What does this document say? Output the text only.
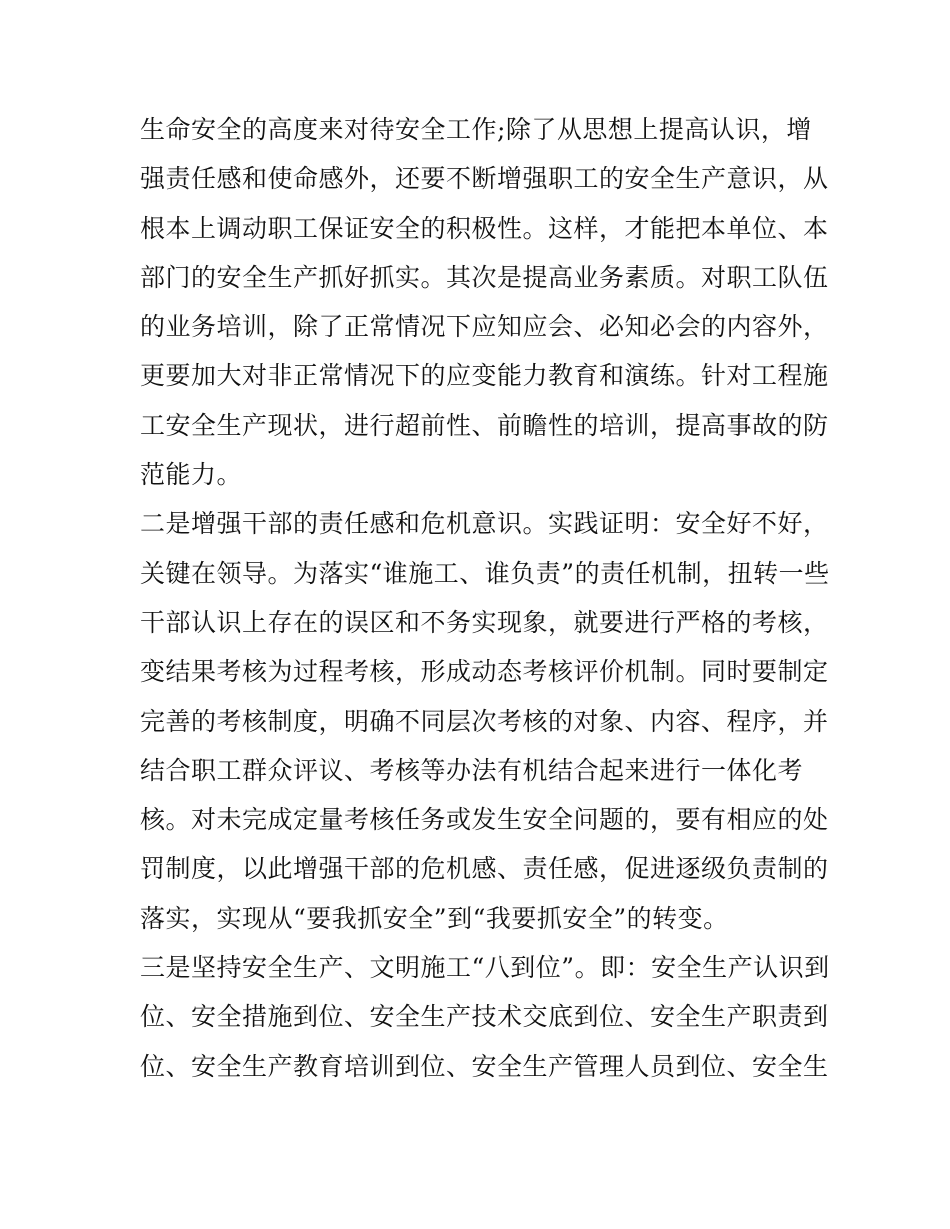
生命安全的高度来对待安全工作;除了从思想上提高认识，增
强责任感和使命感外，还要不断增强职工的安全生产意识，从
根本上调动职工保证安全的积极性。这样，才能把本单位、本
部门的安全生产抓好抓实。其次是提高业务素质。对职工队伍
的业务培训，除了正常情况下应知应会、必知必会的内容外，
更要加大对非正常情况下的应变能力教育和演练。针对工程施
工安全生产现状，进行超前性、前瞻性的培训，提高事故的防
范能力。
二是增强干部的责任感和危机意识。实践证明：安全好不好，
关键在领导。为落实“谁施工、谁负责”的责任机制，扭转一些
干部认识上存在的误区和不务实现象，就要进行严格的考核，
变结果考核为过程考核，形成动态考核评价机制。同时要制定
完善的考核制度，明确不同层次考核的对象、内容、程序，并
结合职工群众评议、考核等办法有机结合起来进行一体化考
核。对未完成定量考核任务或发生安全问题的，要有相应的处
罚制度，以此增强干部的危机感、责任感，促进逐级负责制的
落实，实现从“要我抓安全”到“我要抓安全”的转变。
三是坚持安全生产、文明施工“八到位”。即：安全生产认识到
位、安全措施到位、安全生产技术交底到位、安全生产职责到
位、安全生产教育培训到位、安全生产管理人员到位、安全生
